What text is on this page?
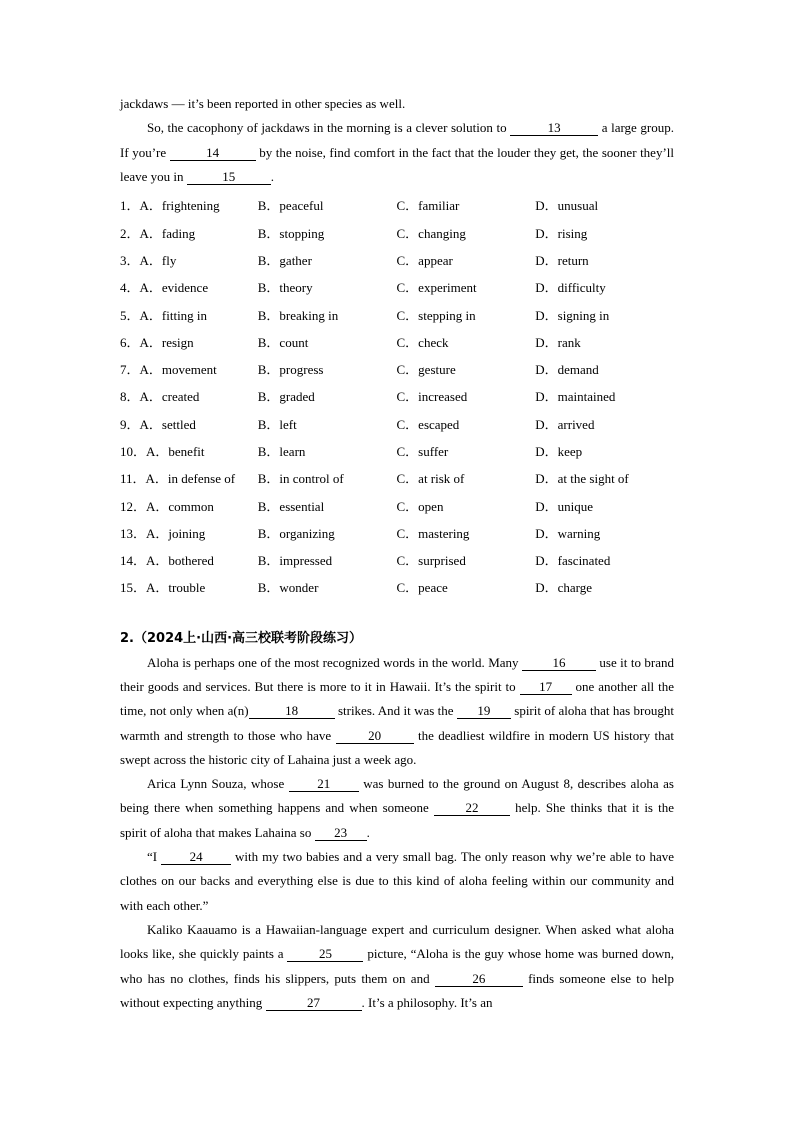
jackdaws — it’s been reported in other species as well.

So, the cacophony of jackdaws in the morning is a clever solution to	13	a large group. If you’re	14	by the noise, find comfort in the fact that the louder they get, the sooner they’ll leave you in	15	.

1．A．frightening	B．peaceful	C．familiar	D．unusual
2．A．fading	B．stopping	C．changing	D．rising
3．A．fly	B．gather	C．appear	D．return
4．A．evidence	B．theory	C．experiment	D．difficulty
5．A．fitting in	B．breaking in	C．stepping in	D．signing in
6．A．resign	B．count	C．check	D．rank
7．A．movement	B．progress	C．gesture	D．demand
8．A．created	B．graded	C．increased	D．maintained
9．A．settled	B．left	C．escaped	D．arrived
10．A．benefit	B．learn	C．suffer	D．keep
11．A．in defense of	B．in control of	C．at risk of	D．at the sight of
12．A．common	B．essential	C．open	D．unique
13．A．joining	B．organizing	C．mastering	D．warning
14．A．bothered	B．impressed	C．surprised	D．fascinated
15．A．trouble	B．wonder	C．peace	D．charge
2.（2024上·山西·高三校联考阶段练习）

Aloha is perhaps one of the most recognized words in the world. Many 16 use it to brand their goods and services. But there is more to it in Hawaii. It’s the spirit to 17 one another all the time, not only when a(n)	18	strikes. And it was the 19 spirit of aloha that has brought warmth and strength to those who have	20	the deadliest wildfire in modern US history that swept across the historic city of Lahaina just a week ago.

Arica Lynn Souza, whose 21 was burned to the ground on August 8, describes aloha as being there when something happens and when someone 22 help. She thinks that it is the spirit of aloha that makes Lahaina so 23 .

“I 24 with my two babies and a very small bag. The only reason why we’re able to have clothes on our backs and everything else is due to this kind of aloha feeling within our community and with each other.”

Kaliko Kaauamo is a Hawaiian-language expert and curriculum designer. When asked what aloha looks like, she quickly paints a 25 picture, “Aloha is the guy whose home was burned down, who has no clothes, finds his slippers, puts them on and	26	finds someone else to help without expecting anything	27	. It’s a philosophy. It’s an
